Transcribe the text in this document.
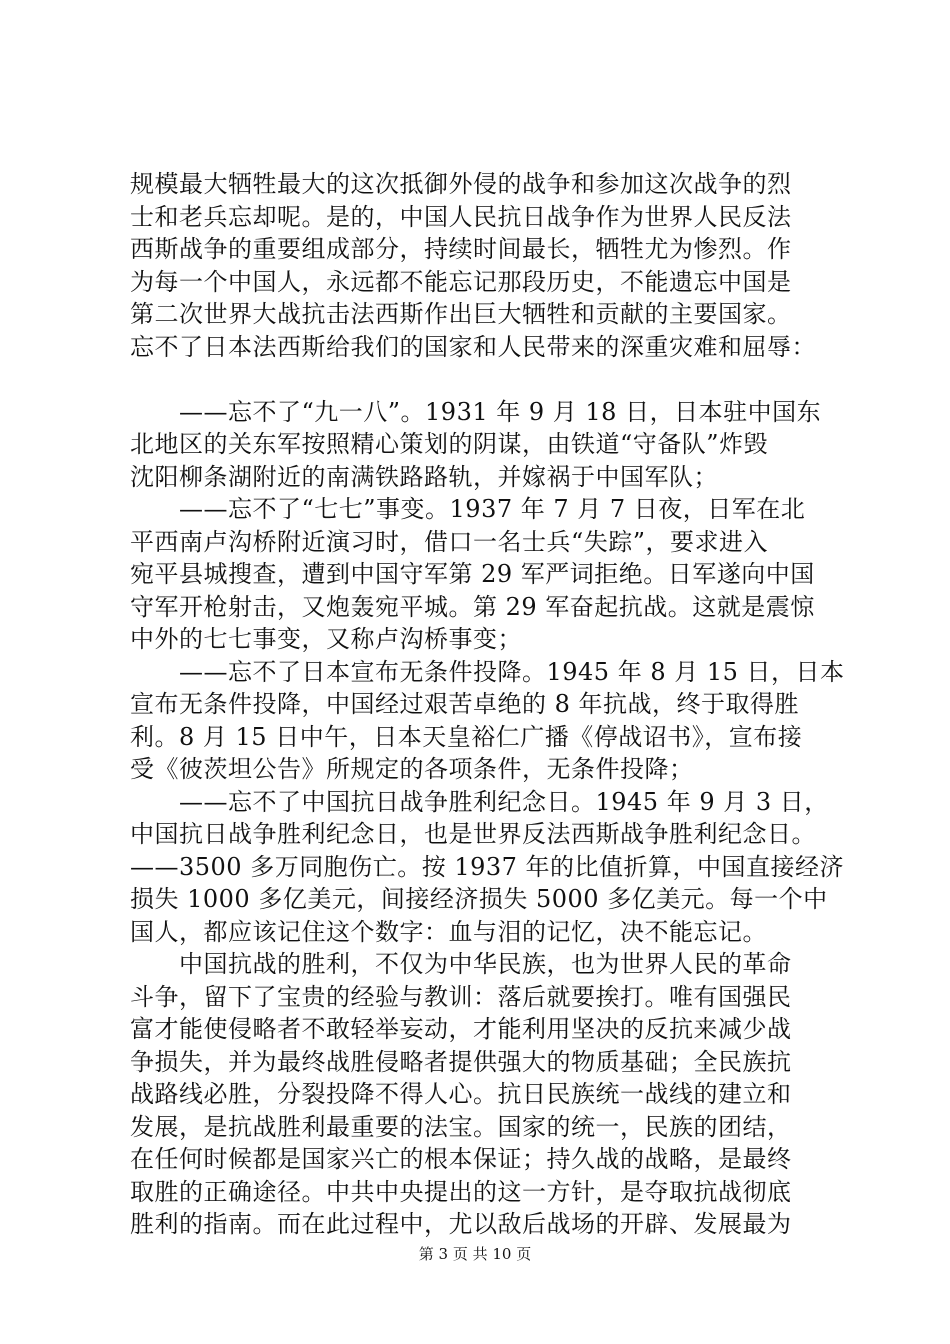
规模最大牺牲最大的这次抵御外侵的战争和参加这次战争的烈
士和老兵忘却呢。是的，中国人民抗日战争作为世界人民反法
西斯战争的重要组成部分，持续时间最长，牺牲尤为惨烈。作
为每一个中国人，永远都不能忘记那段历史，不能遗忘中国是
第二次世界大战抗击法西斯作出巨大牺牲和贡献的主要国家。
忘不了日本法西斯给我们的国家和人民带来的深重灾难和屈辱：
　　——忘不了“九一八”。1931 年 9 月 18 日，日本驻中国东
北地区的关东军按照精心策划的阴谋，由铁道“守备队”炸毁
沈阳柳条湖附近的南满铁路路轨，并嫁祸于中国军队；
　　——忘不了“七七”事变。1937 年 7 月 7 日夜，日军在北
平西南卢沟桥附近演习时，借口一名士兵“失踪”，要求进入
宛平县城搜查，遭到中国守军第 29 军严词拒绝。日军遂向中国
守军开枪射击，又炮轰宛平城。第 29 军奋起抗战。这就是震惊
中外的七七事变，又称卢沟桥事变；
　　——忘不了日本宣布无条件投降。1945 年 8 月 15 日，日本
宣布无条件投降，中国经过艰苦卓绝的 8 年抗战，终于取得胜
利。8 月 15 日中午，日本天皇裕仁广播《停战诏书》，宣布接
受《彼茨坦公告》所规定的各项条件，无条件投降；
　　——忘不了中国抗日战争胜利纪念日。1945 年 9 月 3 日，
中国抗日战争胜利纪念日，也是世界反法西斯战争胜利纪念日。
——3500 多万同胞伤亡。按 1937 年的比值折算，中国直接经济
损失 1000 多亿美元，间接经济损失 5000 多亿美元。每一个中
国人，都应该记住这个数字：血与泪的记忆，决不能忘记。
　　中国抗战的胜利，不仅为中华民族，也为世界人民的革命
斗争，留下了宝贵的经验与教训：落后就要挨打。唯有国强民
富才能使侵略者不敢轻举妄动，才能利用坚决的反抗来减少战
争损失，并为最终战胜侵略者提供强大的物质基础；全民族抗
战路线必胜，分裂投降不得人心。抗日民族统一战线的建立和
发展，是抗战胜利最重要的法宝。国家的统一，民族的团结，
在任何时候都是国家兴亡的根本保证；持久战的战略，是最终
取胜的正确途径。中共中央提出的这一方针，是夺取抗战彻底
胜利的指南。而在此过程中，尤以敌后战场的开辟、发展最为
第 3 页 共 10 页
